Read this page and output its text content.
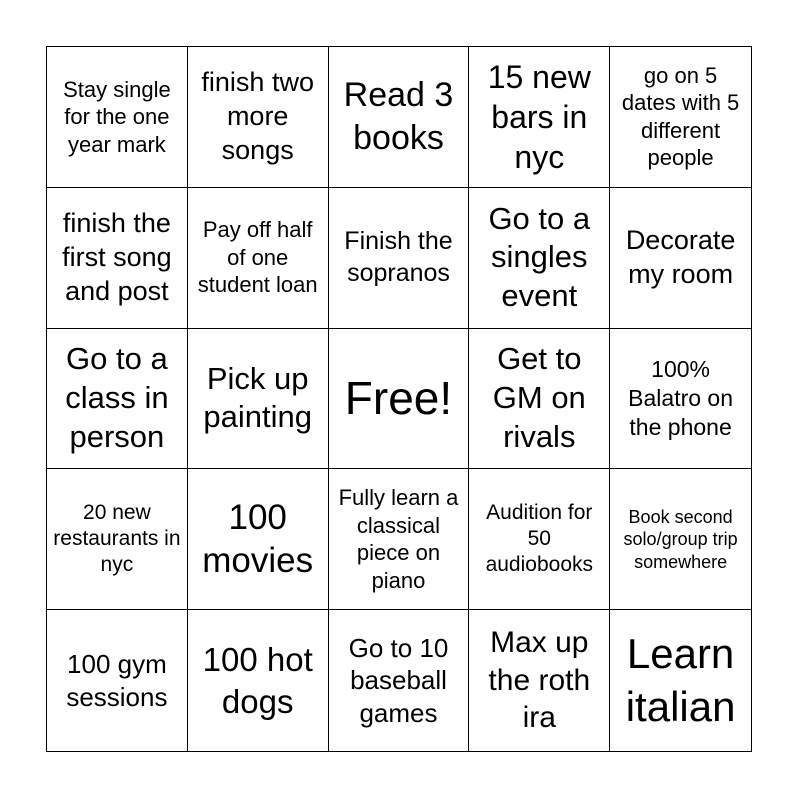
Stay single for the one year mark
finish two more songs
Read 3 books
15 new bars in nyc
go on 5 dates with 5 different people
finish the first song and post
Pay off half of one student loan
Finish the sopranos
Go to a singles event
Decorate my room
Go to a class in person
Pick up painting Free!
Get to GM on rivals
100% Balatro on the phone
20 new restaurants in nyc
100 movies
Fully learn a classical piece on piano
Audition for 50 audiobooks
Book second solo/group trip somewhere
100 gym sessions
100 hot dogs
Go to 10 baseball games
Max up the roth ira
Learn italian
